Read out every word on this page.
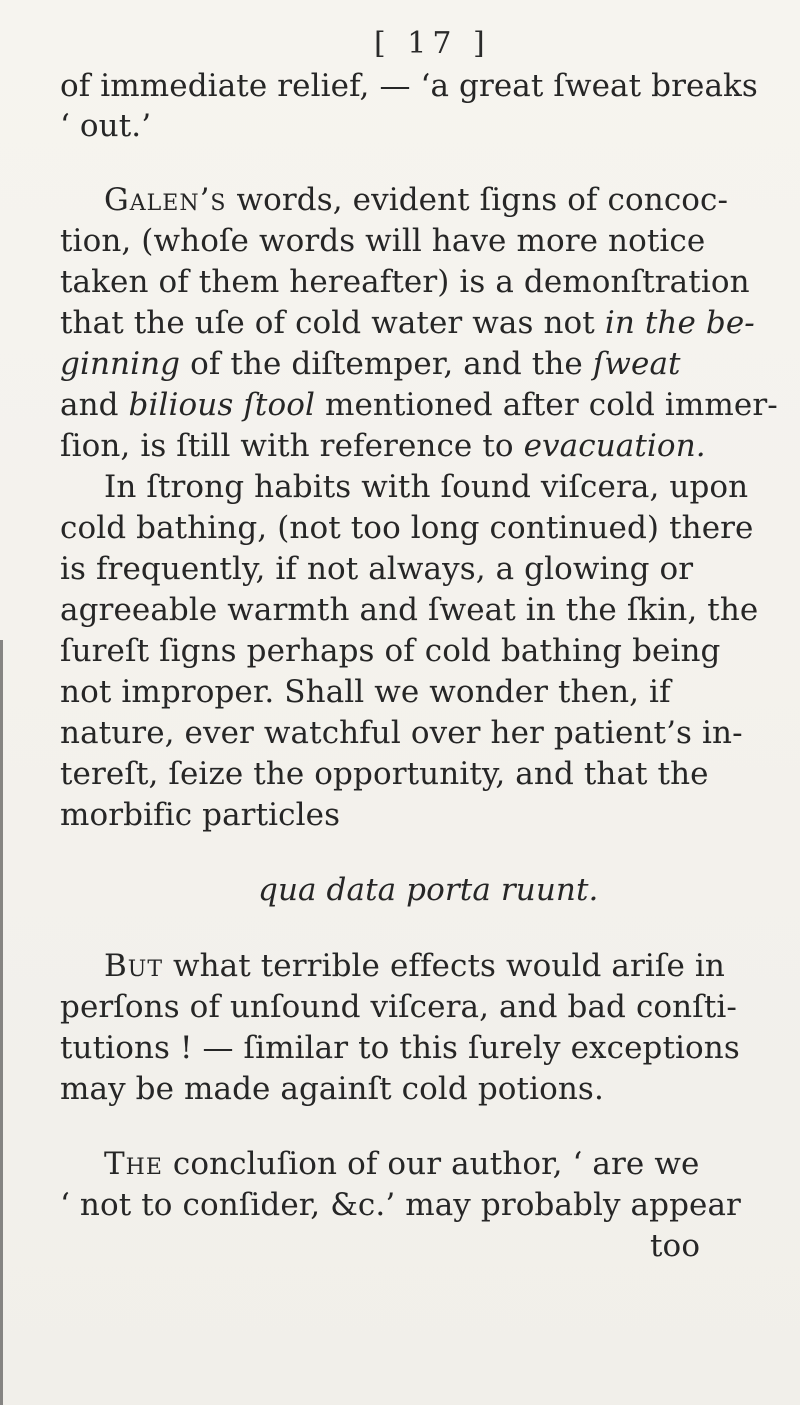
[ 17 ]
of immediate relief, — ‘a great ſweat breaks
‘ out.’
Galen’s words, evident ſigns of concoc-
tion, (whoſe words will have more notice
taken of them hereafter) is a demonſtration
that the uſe of cold water was not in the be-
ginning of the diſtemper, and the ſweat
and bilious ſtool mentioned after cold immer-
ſion, is ſtill with reference to evacuation.
In ſtrong habits with ſound viſcera, upon
cold bathing, (not too long continued) there
is frequently, if not always, a glowing or
agreeable warmth and ſweat in the ſkin, the
ſureſt ſigns perhaps of cold bathing being
not improper. Shall we wonder then, if
nature, ever watchful over her patient’s in-
tereſt, ſeize the opportunity, and that the
morbific particles
qua data porta ruunt.
But what terrible effects would ariſe in
perſons of unſound viſcera, and bad conſti-
tutions ! — ſimilar to this ſurely exceptions
may be made againſt cold potions.
The concluſion of our author, ‘ are we
‘ not to conſider, &c.’ may probably appear
too
